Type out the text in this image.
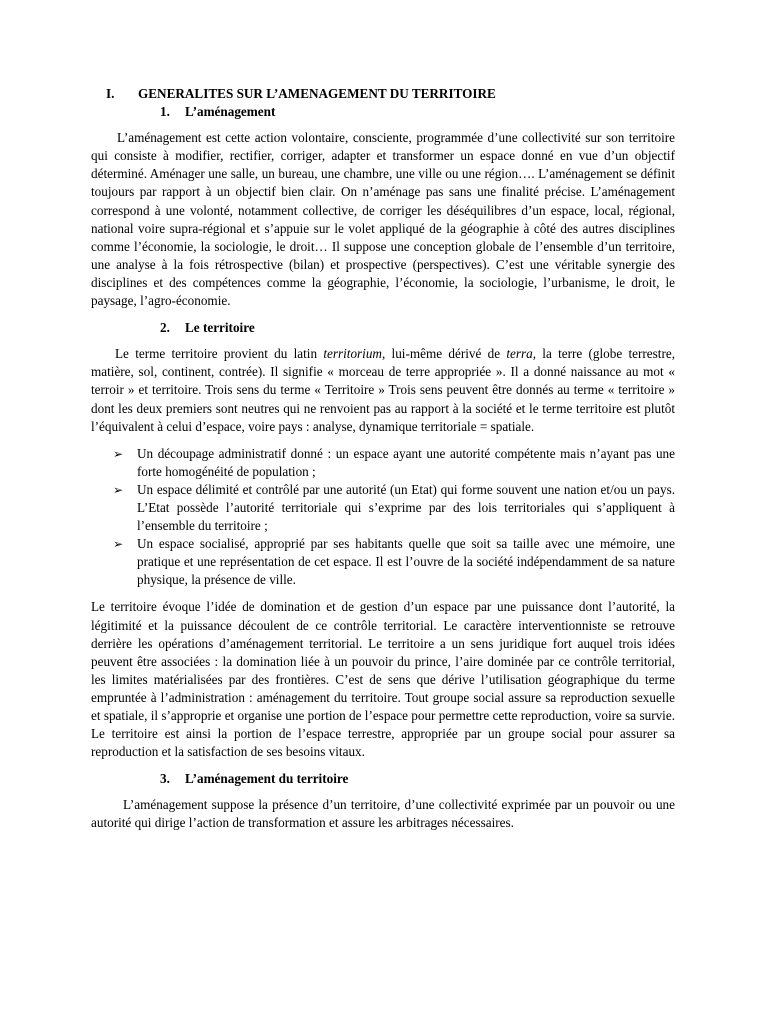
I.	GENERALITES SUR L’AMENAGEMENT DU TERRITOIRE
1.	L’aménagement

L’aménagement est cette action volontaire, consciente, programmée d’une collectivité sur son territoire qui consiste à modifier, rectifier, corriger, adapter et transformer un espace donné en vue d’un objectif déterminé. Aménager une salle, un bureau, une chambre, une ville ou une région…. L’aménagement se définit toujours par rapport à un objectif bien clair. On n’aménage pas sans une finalité précise. L’aménagement correspond à une volonté, notamment collective, de corriger les déséquilibres d’un espace, local, régional, national voire supra-régional et s’appuie sur le volet appliqué de la géographie à côté des autres disciplines comme l’économie, la sociologie, le droit… Il suppose une conception globale de l’ensemble d’un territoire, une analyse à la fois rétrospective (bilan) et prospective (perspectives). C’est une véritable synergie des disciplines et des compétences comme la géographie, l’économie, la sociologie, l’urbanisme, le droit, le paysage, l’agro-économie.

2.	Le territoire

Le terme territoire provient du latin territorium, lui-même dérivé de terra, la terre (globe terrestre, matière, sol, continent, contrée). Il signifie « morceau de terre appropriée ». Il a donné naissance au mot « terroir » et territoire. Trois sens du terme « Territoire » Trois sens peuvent être donnés au terme « territoire » dont les deux premiers sont neutres qui ne renvoient pas au rapport à la société et le terme territoire est plutôt l’équivalent à celui d’espace, voire pays : analyse, dynamique territoriale = spatiale.

➢ Un découpage administratif donné : un espace ayant une autorité compétente mais n’ayant pas une forte homogénéité de population ;
➢ Un espace délimité et contrôlé par une autorité (un Etat) qui forme souvent une nation et/ou un pays. L’Etat possède l’autorité territoriale qui s’exprime par des lois territoriales qui s’appliquent à l’ensemble du territoire ;
➢ Un espace socialisé, approprié par ses habitants quelle que soit sa taille avec une mémoire, une pratique et une représentation de cet espace. Il est l’ouvre de la société indépendamment de sa nature physique, la présence de ville.

Le territoire évoque l’idée de domination et de gestion d’un espace par une puissance dont l’autorité, la légitimité et la puissance découlent de ce contrôle territorial. Le caractère interventionniste se retrouve derrière les opérations d’aménagement territorial. Le territoire a un sens juridique fort auquel trois idées peuvent être associées : la domination liée à un pouvoir du prince, l’aire dominée par ce contrôle territorial, les limites matérialisées par des frontières. C’est de sens que dérive l’utilisation géographique du terme empruntée à l’administration : aménagement du territoire. Tout groupe social assure sa reproduction sexuelle et spatiale, il s’approprie et organise une portion de l’espace pour permettre cette reproduction, voire sa survie. Le territoire est ainsi la portion de l’espace terrestre, appropriée par un groupe social pour assurer sa reproduction et la satisfaction de ses besoins vitaux.

3.	L’aménagement du territoire

L’aménagement suppose la présence d’un territoire, d’une collectivité exprimée par un pouvoir ou une autorité qui dirige l’action de transformation et assure les arbitrages nécessaires.
